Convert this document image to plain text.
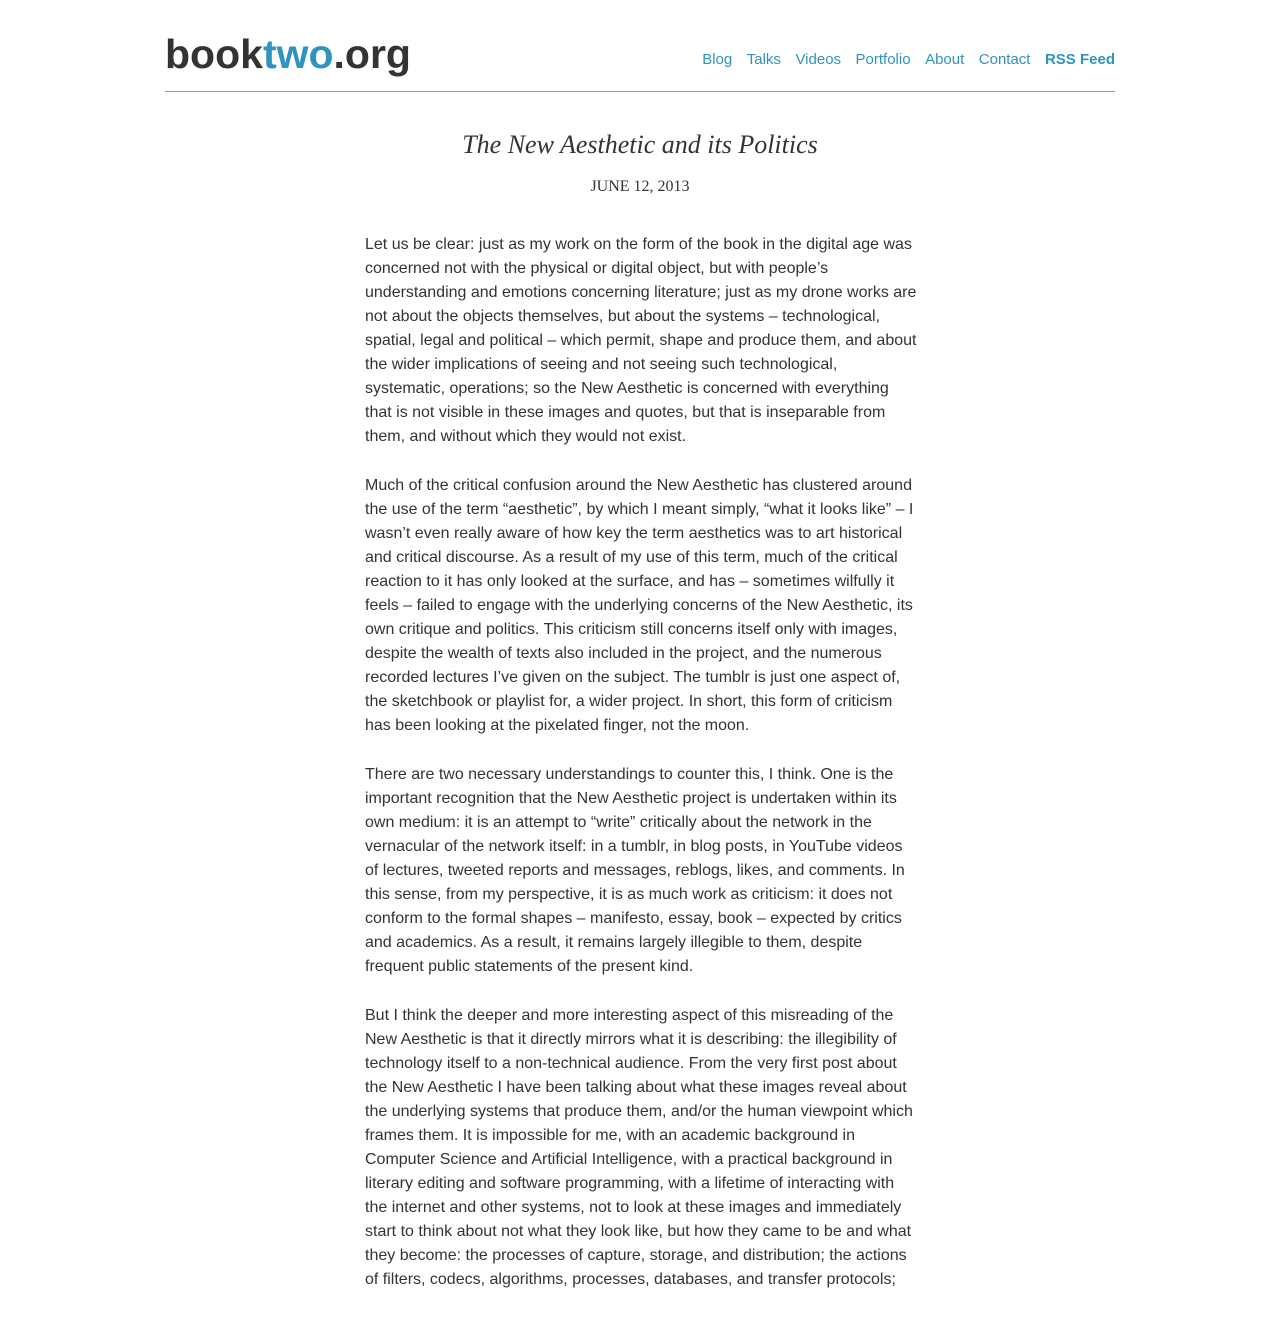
booktwo.org	Blog Talks Videos Portfolio About Contact RSS Feed
The New Aesthetic and its Politics
JUNE 12, 2013

Let us be clear: just as my work on the form of the book in the digital age was concerned not with the physical or digital object, but with people’s understanding and emotions concerning literature; just as my drone works are not about the objects themselves, but about the systems – technological, spatial, legal and political – which permit, shape and produce them, and about the wider implications of seeing and not seeing such technological, systematic, operations; so the New Aesthetic is concerned with everything that is not visible in these images and quotes, but that is inseparable from them, and without which they would not exist.

Much of the critical confusion around the New Aesthetic has clustered around the use of the term “aesthetic”, by which I meant simply, “what it looks like” – I wasn’t even really aware of how key the term aesthetics was to art historical and critical discourse. As a result of my use of this term, much of the critical reaction to it has only looked at the surface, and has – sometimes wilfully it feels – failed to engage with the underlying concerns of the New Aesthetic, its own critique and politics. This criticism still concerns itself only with images, despite the wealth of texts also included in the project, and the numerous recorded lectures I’ve given on the subject. The tumblr is just one aspect of, the sketchbook or playlist for, a wider project. In short, this form of criticism has been looking at the pixelated finger, not the moon.

There are two necessary understandings to counter this, I think. One is the important recognition that the New Aesthetic project is undertaken within its own medium: it is an attempt to “write” critically about the network in the vernacular of the network itself: in a tumblr, in blog posts, in YouTube videos of lectures, tweeted reports and messages, reblogs, likes, and comments. In this sense, from my perspective, it is as much work as criticism: it does not conform to the formal shapes – manifesto, essay, book – expected by critics and academics. As a result, it remains largely illegible to them, despite frequent public statements of the present kind.

But I think the deeper and more interesting aspect of this misreading of the New Aesthetic is that it directly mirrors what it is describing: the illegibility of technology itself to a non-technical audience. From the very first post about the New Aesthetic I have been talking about what these images reveal about the underlying systems that produce them, and/or the human viewpoint which frames them. It is impossible for me, with an academic background in Computer Science and Artificial Intelligence, with a practical background in literary editing and software programming, with a lifetime of interacting with the internet and other systems, not to look at these images and immediately start to think about not what they look like, but how they came to be and what they become: the processes of capture, storage, and distribution; the actions of filters, codecs, algorithms, processes, databases, and transfer protocols;
